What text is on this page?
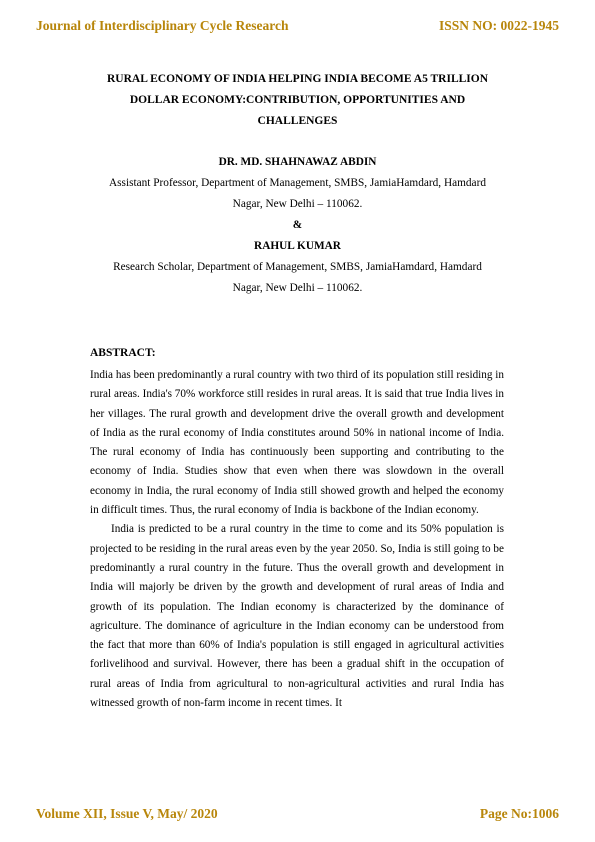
Journal of Interdisciplinary Cycle Research	ISSN NO: 0022-1945
RURAL ECONOMY OF INDIA HELPING INDIA BECOME A5 TRILLION
DOLLAR ECONOMY:CONTRIBUTION, OPPORTUNITIES AND
CHALLENGES
DR. MD. SHAHNAWAZ ABDIN
Assistant Professor, Department of Management, SMBS, JamiaHamdard, Hamdard
Nagar, New Delhi – 110062.
&
RAHUL KUMAR
Research Scholar, Department of Management, SMBS, JamiaHamdard, Hamdard
Nagar, New Delhi – 110062.
ABSTRACT:

India has been predominantly a rural country with two third of its population still residing in rural areas. India's 70% workforce still resides in rural areas. It is said that true India lives in her villages. The rural growth and development drive the overall growth and development of India as the rural economy of India constitutes around 50% in national income of India. The rural economy of India has continuously been supporting and contributing to the economy of India. Studies show that even when there was slowdown in the overall economy in India, the rural economy of India still showed growth and helped the economy in difficult times. Thus, the rural economy of India is backbone of the Indian economy.

India is predicted to be a rural country in the time to come and its 50% population is projected to be residing in the rural areas even by the year 2050. So, India is still going to be predominantly a rural country in the future. Thus the overall growth and development in India will majorly be driven by the growth and development of rural areas of India and growth of its population. The Indian economy is characterized by the dominance of agriculture. The dominance of agriculture in the Indian economy can be understood from the fact that more than 60% of India's population is still engaged in agricultural activities forlivelihood and survival. However, there has been a gradual shift in the occupation of rural areas of India from agricultural to non-agricultural activities and rural India has witnessed growth of non-farm income in recent times. It

Volume XII, Issue V, May/ 2020	Page No:1006
